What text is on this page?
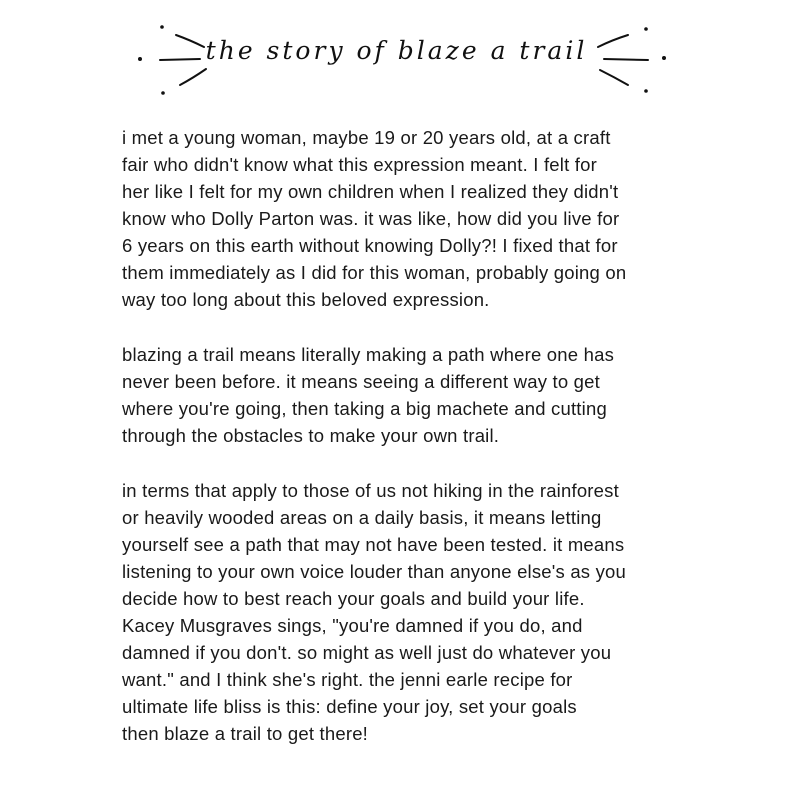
the story of blaze a trail

i met a young woman, maybe 19 or 20 years old, at a craft
fair who didn't know what this expression meant. I felt for
her like I felt for my own children when I realized they didn't
know who Dolly Parton was. it was like, how did you live for
6 years on this earth without knowing Dolly?! I fixed that for
them immediately as I did for this woman, probably going on
way too long about this beloved expression.

blazing a trail means literally making a path where one has
never been before. it means seeing a different way to get
where you're going, then taking a big machete and cutting
through the obstacles to make your own trail.

in terms that apply to those of us not hiking in the rainforest
or heavily wooded areas on a daily basis, it means letting
yourself see a path that may not have been tested. it means
listening to your own voice louder than anyone else's as you
decide how to best reach your goals and build your life.
Kacey Musgraves sings, "you're damned if you do, and
damned if you don't. so might as well just do whatever you
want." and I think she's right. the jenni earle recipe for
ultimate life bliss is this: define your joy, set your goals
then blaze a trail to get there!
